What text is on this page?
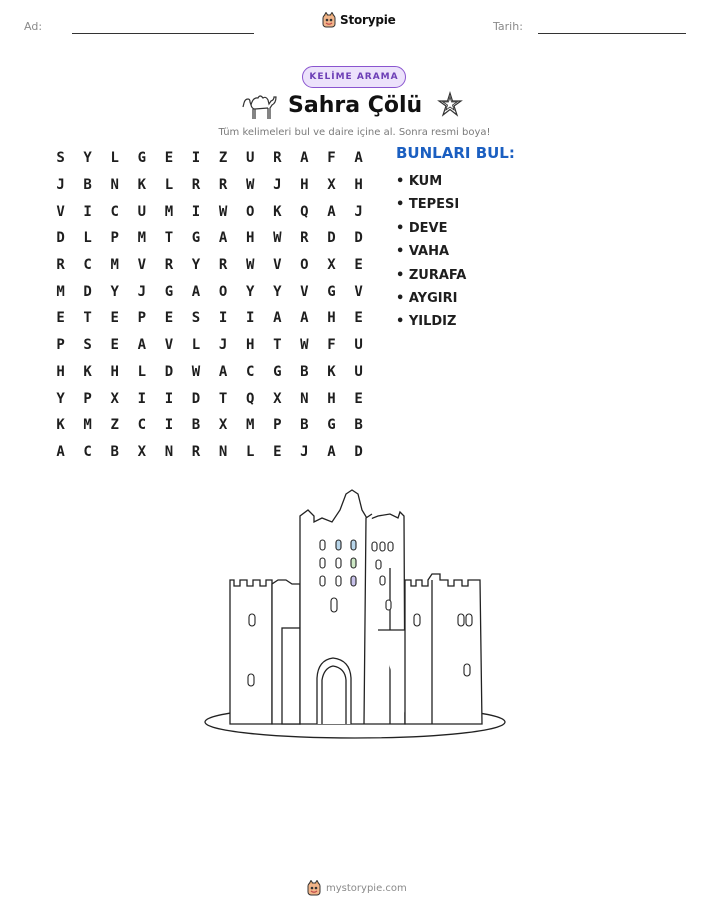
Ad:	Storypie	Tarih:
KELİME ARAMA
Sahra Çölü
Tüm kelimeleri bul ve daire içine al. Sonra resmi boya!
S	Y	L	G	E	I	Z	U	R	A	F	A
J	B	N	K	L	R	R	W	J	H	X	H
V	I	C	U	M	I	W	O	K	Q	A	J
D	L	P	M	T	G	A	H	W	R	D	D
R	C	M	V	R	Y	R	W	V	O	X	E
M	D	Y	J	G	A	O	Y	Y	V	G	V
E	T	E	P	E	S	I	I	A	A	H	E
P	S	E	A	V	L	J	H	T	W	F	U
H	K	H	L	D	W	A	C	G	B	K	U
Y	P	X	I	I	D	T	Q	X	N	H	E
K	M	Z	C	I	B	X	M	P	B	G	B
A	C	B	X	N	R	N	L	E	J	A	D
BUNLARI BUL:
• KUM
• TEPESI
• DEVE
• VAHA
• ZURAFA
• AYGIRI
• YILDIZ
mystorypie.com
